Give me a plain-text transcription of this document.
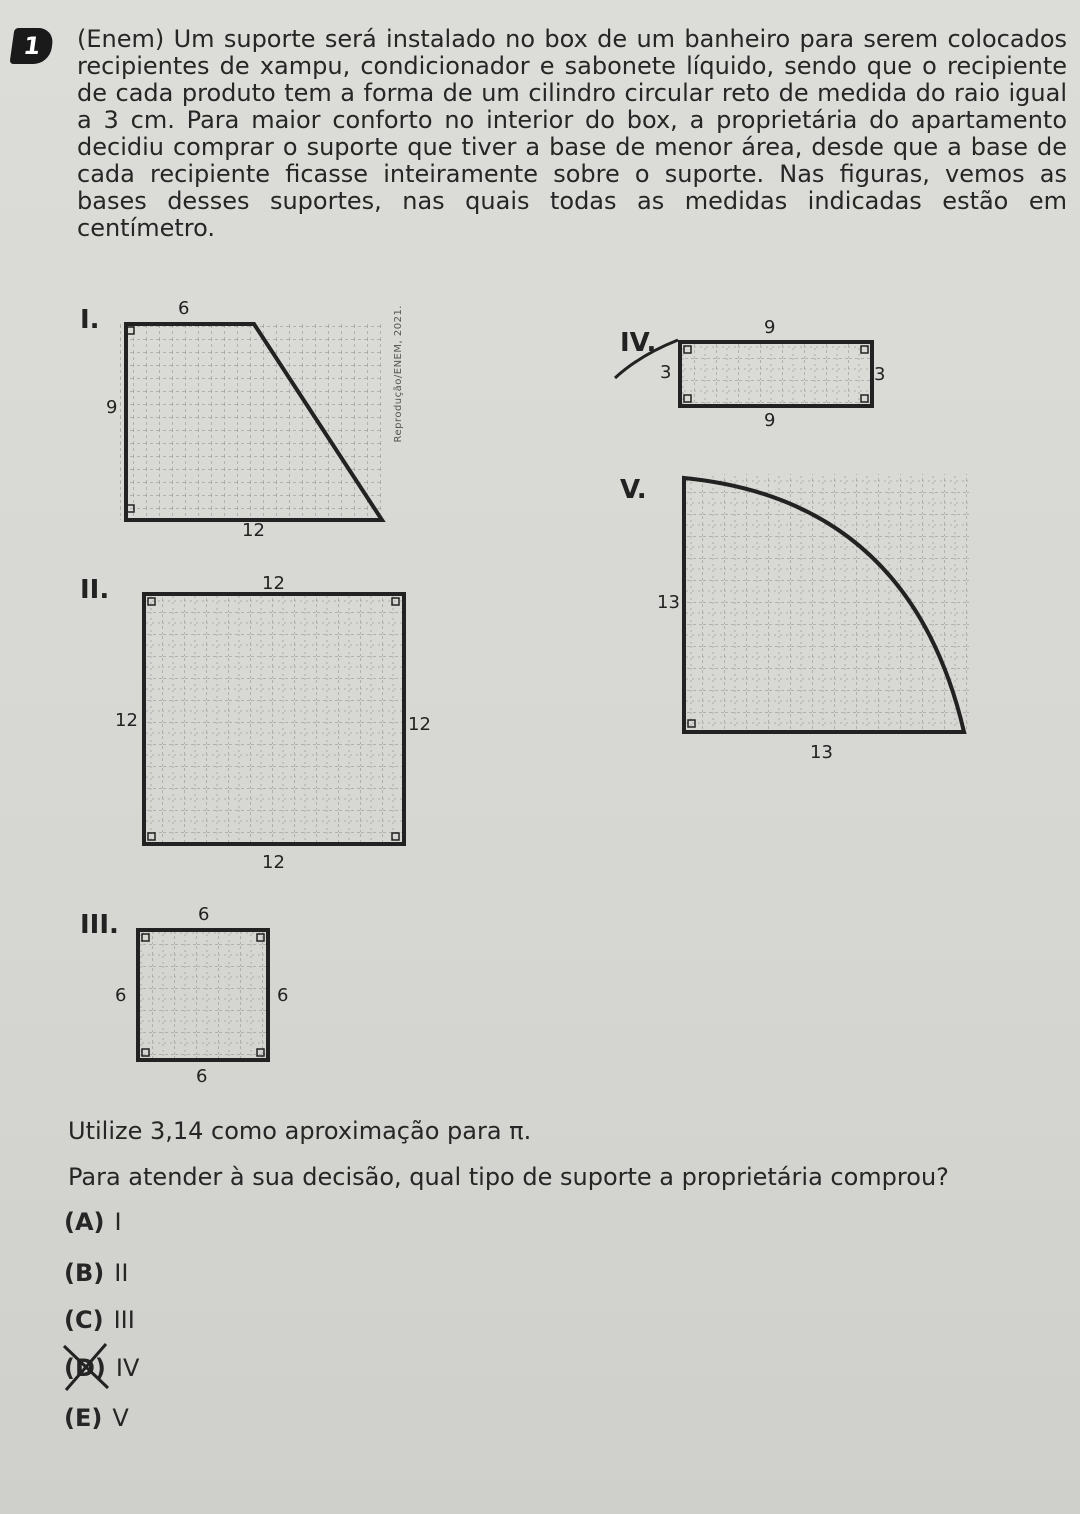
1	(Enem) Um suporte será instalado no box de um banheiro para serem colocados recipientes de xampu, condicionador e sabonete líquido, sendo que o recipiente de cada produto tem a forma de um cilindro circular reto de medida do raio igual a 3 cm. Para maior conforto no interior do box, a proprietária do apartamento decidiu comprar o suporte que tiver a base de menor área, desde que a base de cada recipiente ficasse inteiramente sobre o suporte. Nas figuras, vemos as bases desses suportes, nas quais todas as medidas indicadas estão em centímetro.
I.	6
9
12
Reprodução/ENEM, 2021.
II.	12
12	12
12
III.	6
6	6
6
IV.
9
3	3
9
V.
13
13
Utilize 3,14 como aproximação para π.
Para atender à sua decisão, qual tipo de suporte a proprietária comprou?
(A) I
(B) II
(C) III
(D) IV
(E) V
